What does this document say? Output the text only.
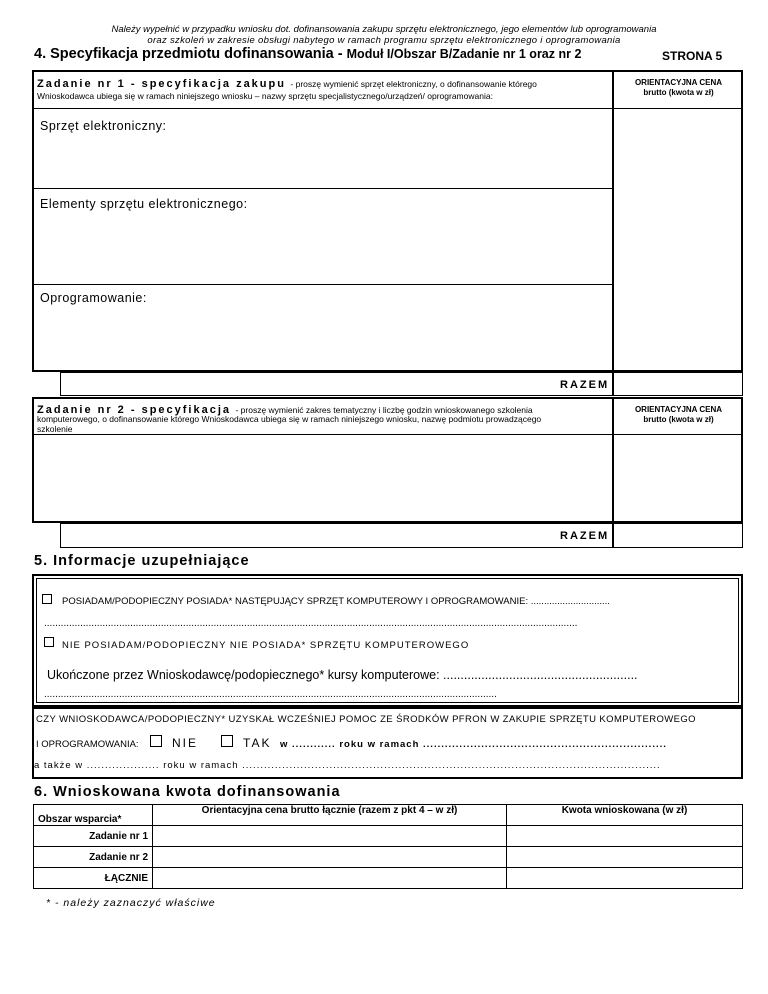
Należy wypełnić w przypadku wniosku dot. dofinansowania zakupu sprzętu elektronicznego, jego elementów lub oprogramowania
oraz szkoleń w zakresie obsługi nabytego w ramach programu sprzętu elektronicznego i oprogramowania
4. Specyfikacja przedmiotu dofinansowania - Moduł I/Obszar B/Zadanie nr 1 oraz nr 2	STRONA 5
Zadanie nr 1 - specyfikacja zakupu - proszę wymienić sprzęt elektroniczny, o dofinansowanie którego
Wnioskodawca ubiega się w ramach niniejszego wniosku – nazwy sprzętu specjalistycznego/urządzeń/ oprogramowania:
ORIENTACYJNA CENA
brutto (kwota w zł)
Sprzęt elektroniczny:
Elementy sprzętu elektronicznego:
Oprogramowanie:
RAZEM
Zadanie nr 2 - specyfikacja - proszę wymienić zakres tematyczny i liczbę godzin wnioskowanego szkolenia
komputerowego, o dofinansowanie którego Wnioskodawca ubiega się w ramach niniejszego wniosku, nazwę podmiotu prowadzącego
szkolenie
ORIENTACYJNA CENA
brutto (kwota w zł)
RAZEM
5. Informacje uzupełniające
POSIADAM/PODOPIECZNY POSIADA* NASTĘPUJĄCY SPRZĘT KOMPUTEROWY I OPROGRAMOWANIE: ..............................
................................................................................................................................................................................................
NIE POSIADAM/PODOPIECZNY NIE POSIADA* SPRZĘTU KOMPUTEROWEGO
Ukończone przez Wnioskodawcę/podopiecznego* kursy komputerowe: ........................................................
...................................................................................................................................................................
CZY WNIOSKODAWCA/PODOPIECZNY* UZYSKAŁ WCZEŚNIEJ POMOC ZE ŚRODKÓW PFRON W ZAKUPIE SPRZĘTU KOMPUTEROWEGO
I OPROGRAMOWANIA:	NIE	TAK w ............ roku w ramach ...................................................................
a także w .................... roku w ramach ...................................................................................................................
6. Wnioskowana kwota dofinansowania
Obszar wsparcia*	Orientacyjna cena brutto łącznie (razem z pkt 4 – w zł)	Kwota wnioskowana (w zł)
Zadanie nr 1		
Zadanie nr 2		
ŁĄCZNIE		
* - należy zaznaczyć właściwe
